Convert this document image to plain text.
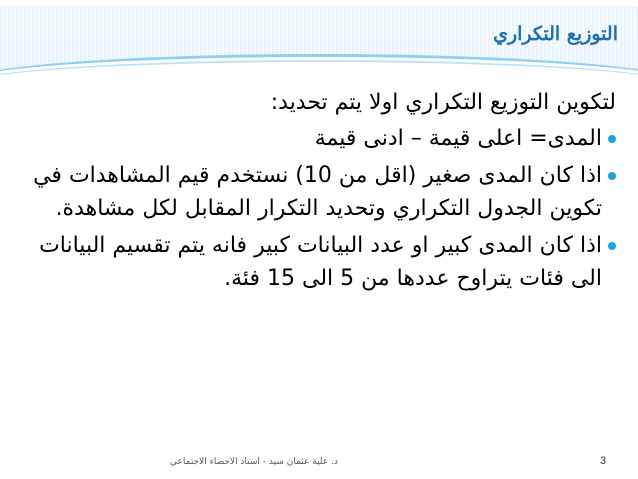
التوزيع التكراري

لتكوين التوزيع التكراري اولا يتم تحديد:

المدى= اعلى قيمة – ادنى قيمة
اذا كان المدى صغير (اقل من 10) نستخدم قيم المشاهدات في تكوين الجدول التكراري وتحديد التكرار المقابل لكل مشاهدة.
اذا كان المدى كبير او عدد البيانات كبير فانه يتم تقسيم البيانات الى فئات يتراوح عددها من 5 الى 15 فئة.
د. علية عثمان سيد - استاذ الاحصاء الاجتماعي	3
